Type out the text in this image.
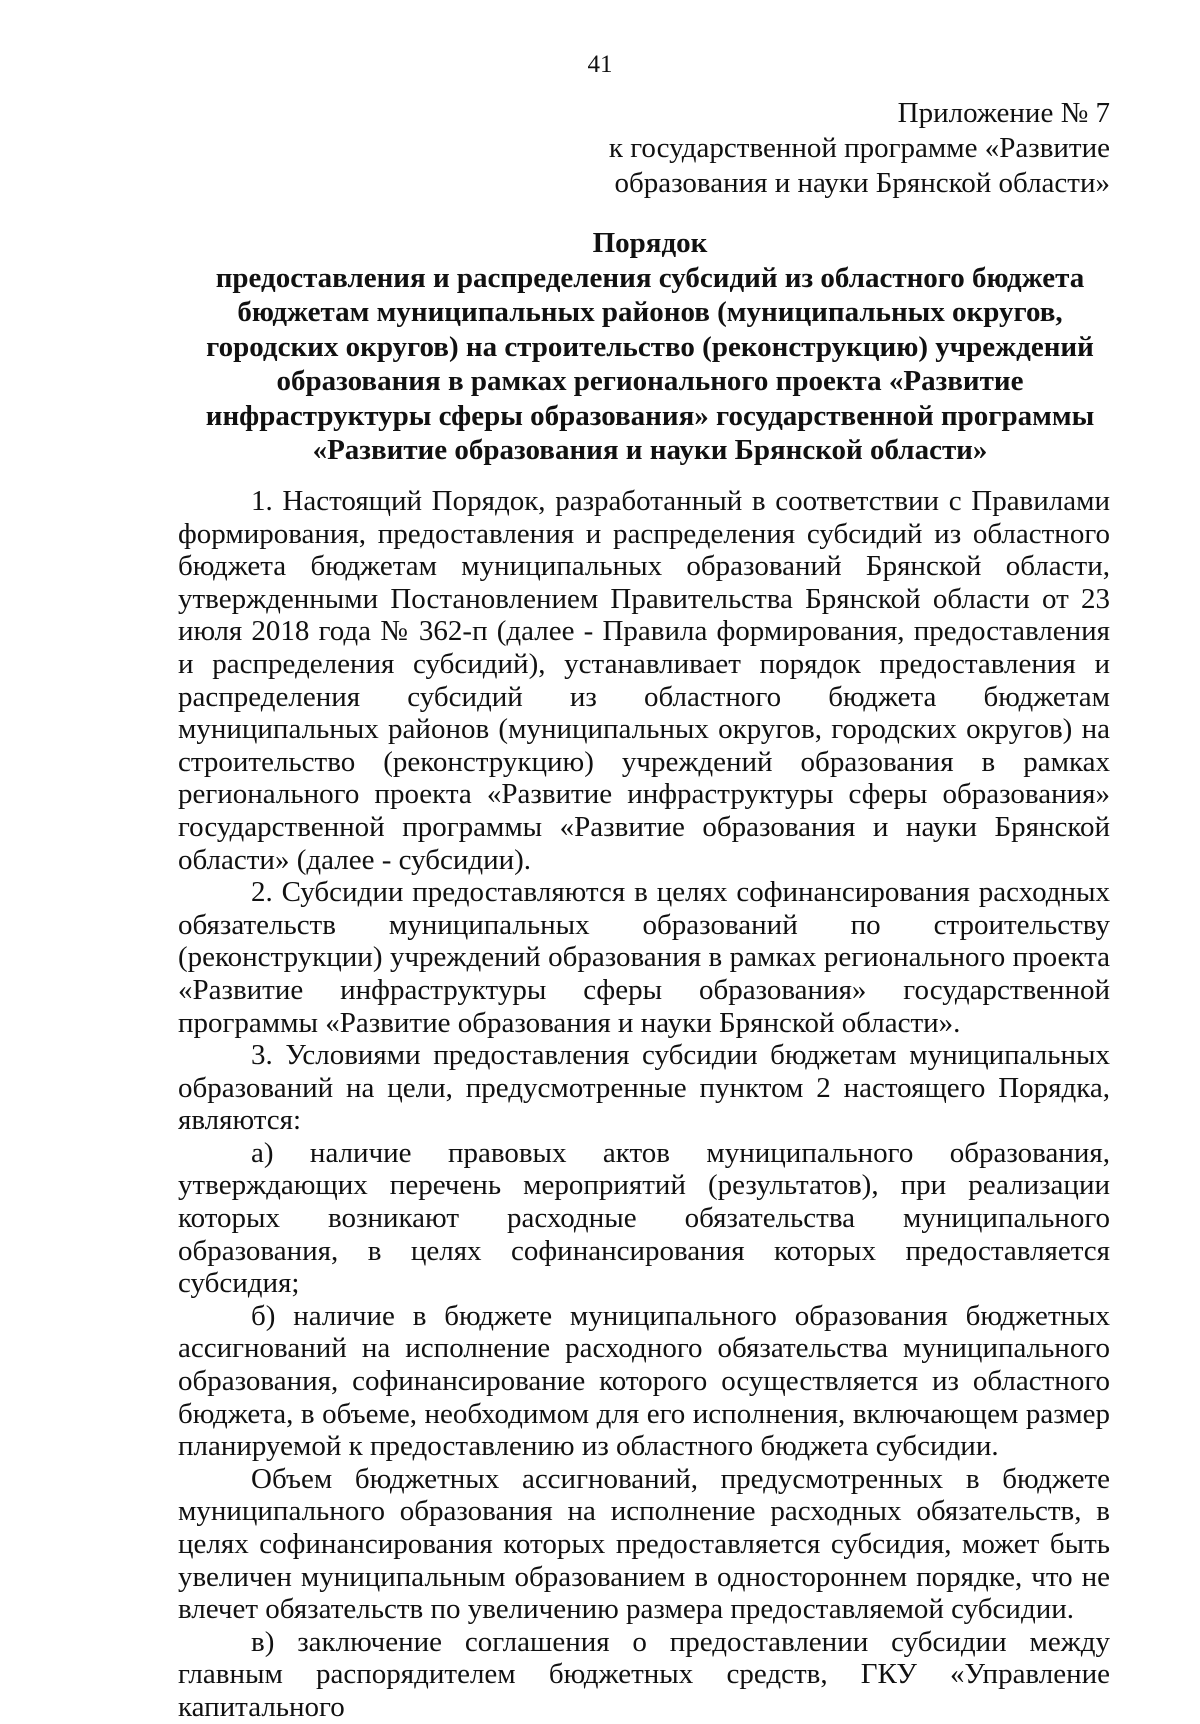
41
Приложение № 7
к государственной программе «Развитие
образования и науки Брянской области»
Порядок
предоставления и распределения субсидий из областного бюджета
бюджетам муниципальных районов (муниципальных округов,
городских округов) на строительство (реконструкцию) учреждений
образования в рамках регионального проекта «Развитие
инфраструктуры сферы образования» государственной программы
«Развитие образования и науки Брянской области»

1. Настоящий Порядок, разработанный в соответствии с Правилами формирования, предоставления и распределения субсидий из областного бюджета бюджетам муниципальных образований Брянской области, утвержденными Постановлением Правительства Брянской области от 23 июля 2018 года № 362-п (далее - Правила формирования, предоставления и распределения субсидий), устанавливает порядок предоставления и распределения субсидий из областного бюджета бюджетам муниципальных районов (муниципальных округов, городских округов) на строительство (реконструкцию) учреждений образования в рамках регионального проекта «Развитие инфраструктуры сферы образования» государственной программы «Развитие образования и науки Брянской области» (далее - субсидии).

2. Субсидии предоставляются в целях софинансирования расходных обязательств муниципальных образований по строительству (реконструкции) учреждений образования в рамках регионального проекта «Развитие инфраструктуры сферы образования» государственной программы «Развитие образования и науки Брянской области».

3. Условиями предоставления субсидии бюджетам муниципальных образований на цели, предусмотренные пунктом 2 настоящего Порядка, являются:

а) наличие правовых актов муниципального образования, утверждающих перечень мероприятий (результатов), при реализации которых возникают расходные обязательства муниципального образования, в целях софинансирования которых предоставляется субсидия;

б) наличие в бюджете муниципального образования бюджетных ассигнований на исполнение расходного обязательства муниципального образования, софинансирование которого осуществляется из областного бюджета, в объеме, необходимом для его исполнения, включающем размер планируемой к предоставлению из областного бюджета субсидии.

Объем бюджетных ассигнований, предусмотренных в бюджете муниципального образования на исполнение расходных обязательств, в целях софинансирования которых предоставляется субсидия, может быть увеличен муниципальным образованием в одностороннем порядке, что не влечет обязательств по увеличению размера предоставляемой субсидии.

в) заключение соглашения о предоставлении субсидии между главным распорядителем бюджетных средств, ГКУ «Управление капитального
